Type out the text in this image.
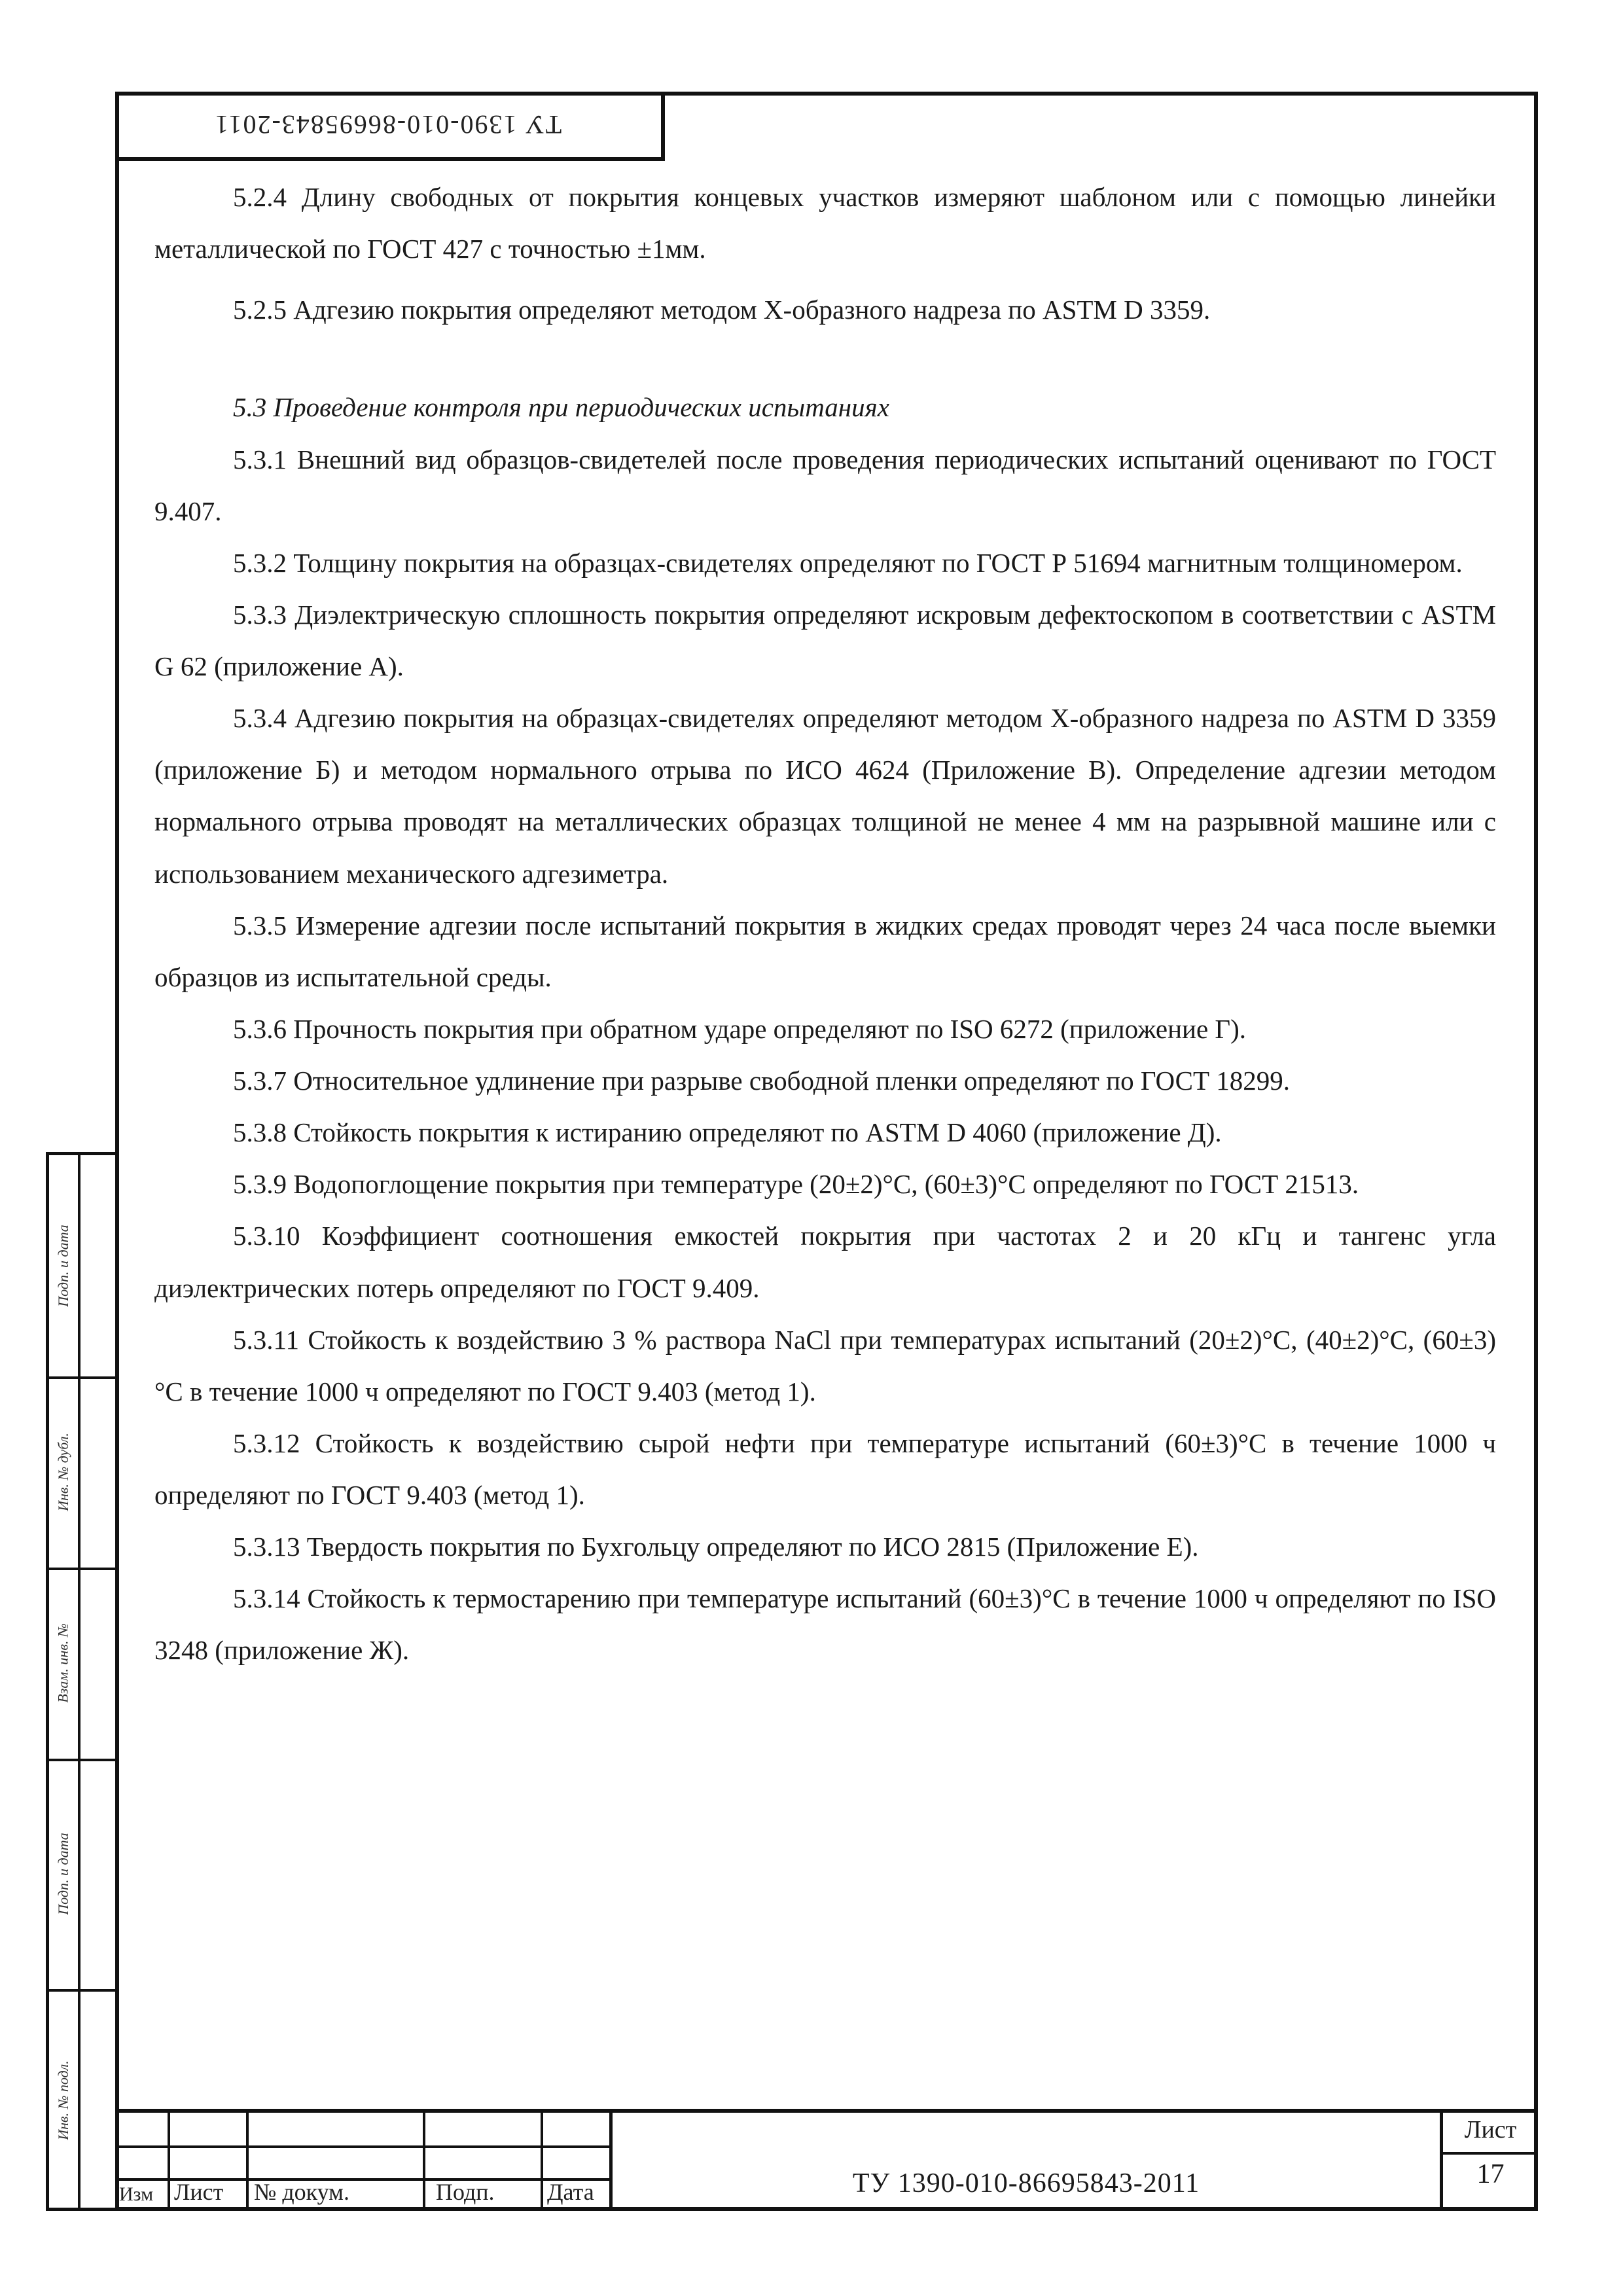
ТУ 1390-010-86695843-2011
Подп. и дата
Инв. № дубл.
Взам. инв. №
Подп. и дата
Инв. № подл.

5.2.4 Длину свободных от покрытия концевых участков измеряют шаблоном или с помощью линейки металлической по ГОСТ 427 с точностью ±1мм.

5.2.5 Адгезию покрытия определяют методом Х-образного надреза по ASTM D 3359.

5.3 Проведение контроля при периодических испытаниях

5.3.1 Внешний вид образцов-свидетелей после проведения периодических испытаний оценивают по ГОСТ 9.407.

5.3.2 Толщину покрытия на образцах-свидетелях определяют по ГОСТ Р 51694 магнитным толщиномером.

5.3.3 Диэлектрическую сплошность покрытия определяют искровым дефектоскопом в соответствии с ASTM G 62 (приложение А).

5.3.4 Адгезию покрытия на образцах-свидетелях определяют методом Х-образного надреза по ASTM D 3359 (приложение Б) и методом нормального отрыва по ИСО 4624 (Приложение В). Определение адгезии методом нормального отрыва проводят на металлических образцах толщиной не менее 4 мм на разрывной машине или с использованием механического адгезиметра.

5.3.5 Измерение адгезии после испытаний покрытия в жидких средах проводят через 24 часа после выемки образцов из испытательной среды.

5.3.6 Прочность покрытия при обратном ударе определяют по ISO 6272 (приложение Г).

5.3.7 Относительное удлинение при разрыве свободной пленки определяют по ГОСТ 18299.

5.3.8 Стойкость покрытия к истиранию определяют по ASTM D 4060 (приложение Д).

5.3.9 Водопоглощение покрытия при температуре (20±2)°С, (60±3)°С определяют по ГОСТ 21513.

5.3.10 Коэффициент соотношения емкостей покрытия при частотах 2 и 20 кГц и тангенс угла диэлектрических потерь определяют по ГОСТ 9.409.

5.3.11 Стойкость к воздействию 3 % раствора NaCl при температурах испытаний (20±2)°С, (40±2)°С, (60±3)°С в течение 1000 ч определяют по ГОСТ 9.403 (метод 1).

5.3.12 Стойкость к воздействию сырой нефти при температуре испытаний (60±3)°С в течение 1000 ч определяют по ГОСТ 9.403 (метод 1).

5.3.13 Твердость покрытия по Бухгольцу определяют по ИСО 2815 (Приложение Е).

5.3.14 Стойкость к термостарению при температуре испытаний (60±3)°С в течение 1000 ч определяют по ISO 3248 (приложение Ж).

Изм Лист № докум.	Подп. Дата	ТУ 1390-010-86695843-2011
Лист
17
